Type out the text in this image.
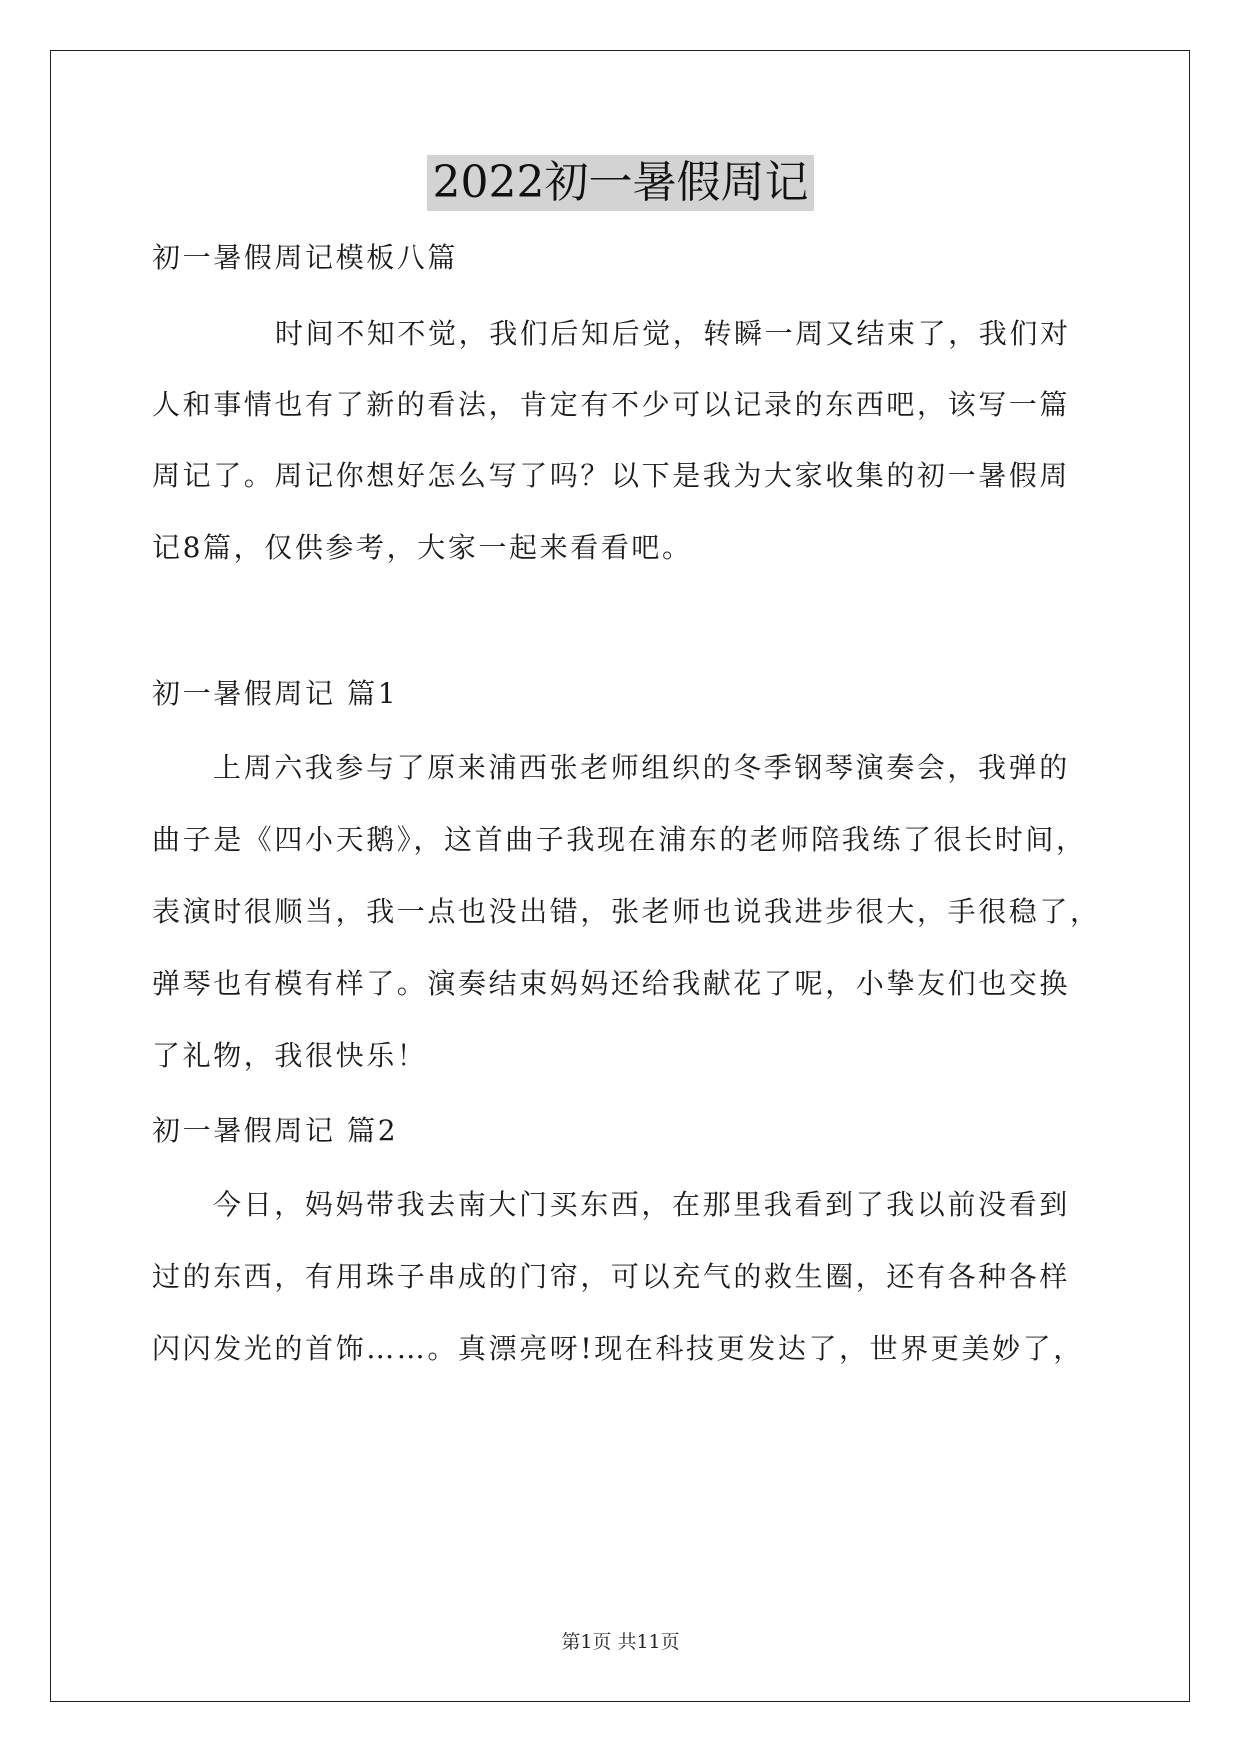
2022初一暑假周记
初一暑假周记模板八篇
时间不知不觉，我们后知后觉，转瞬一周又结束了，我们对
人和事情也有了新的看法，肯定有不少可以记录的东西吧，该写一篇
周记了。周记你想好怎么写了吗？以下是我为大家收集的初一暑假周
记8篇，仅供参考，大家一起来看看吧。
初一暑假周记 篇1
上周六我参与了原来浦西张老师组织的冬季钢琴演奏会，我弹的
曲子是《四小天鹅》，这首曲子我现在浦东的老师陪我练了很长时间，
表演时很顺当，我一点也没出错，张老师也说我进步很大，手很稳了，
弹琴也有模有样了。演奏结束妈妈还给我献花了呢，小挚友们也交换
了礼物，我很快乐！
初一暑假周记 篇2
今日，妈妈带我去南大门买东西，在那里我看到了我以前没看到
过的东西，有用珠子串成的门帘，可以充气的救生圈，还有各种各样
闪闪发光的首饰……。真漂亮呀!现在科技更发达了，世界更美妙了，
第1页 共11页
